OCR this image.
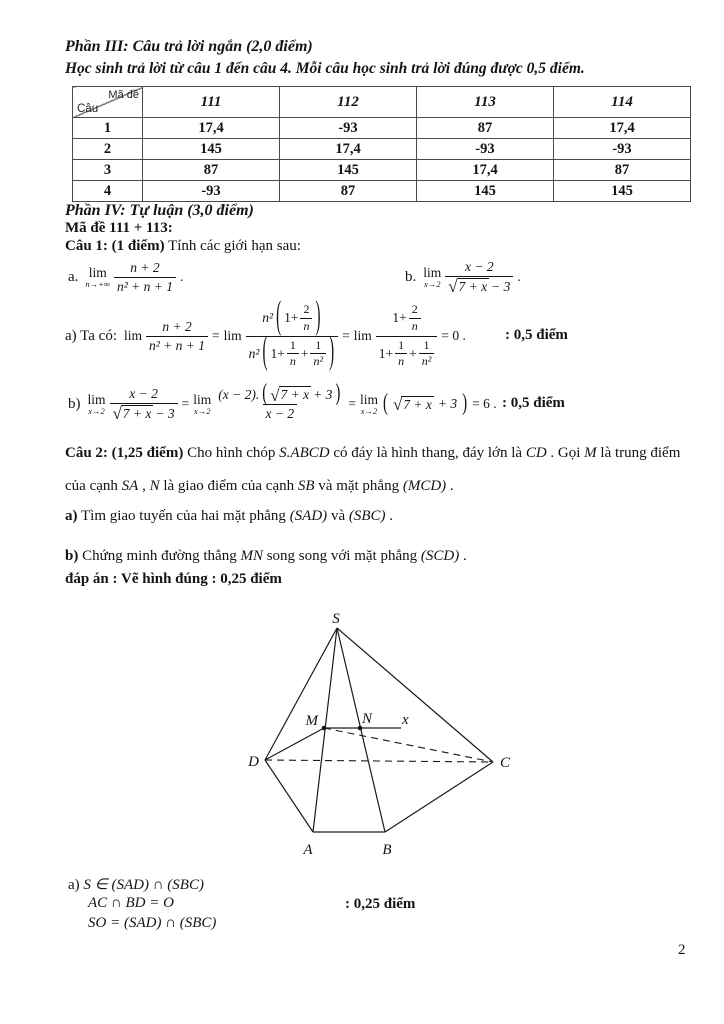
Phần III: Câu trả lời ngắn (2,0 điểm)
Học sinh trả lời từ câu 1 đến câu 4. Mỗi câu học sinh trả lời đúng được 0,5 điểm.
Mã đề
Câu	111	112	113	114
1	17,4	-93	87	17,4
2	145	17,4	-93	-93
3	87	145	17,4	87
4	-93	87	145	145
Phần IV: Tự luận (3,0 điểm)
Mã đề 111 + 113:
Câu 1: (1 điểm) Tính các giới hạn sau:
a. lim
$n\to+\infty \frac{n + 2}{\text{n² + n + 1}}$ .	b. lim
$x\to 2 \frac{x - 2}{√ 7 + x - 3}$ .
a) Ta có: $\lim \frac{n + 2}{\text{n² + n + 1}} = \lim$
n² ( $1+ \frac{2}{n}$ )
n² ( $1+ \frac{1}{n} + \frac{1}{\text{n²}}$ ) = lim
$1+ \frac{2}{n}$
$1+ \frac{1}{n} + \frac{1}{\text{n²}}$
= 0 .	: 0,5 điểm
b) lim
$x\to 2 \frac{x - 2}{√ 7 + x - 3} = \lim$
x→2
(x − 2). ( √ 7 + x + 3 )
x − 2
= lim
x→2 ( √ 7 + x + 3 ) = 6 . : 0,5 điểm
Câu 2: (1,25 điểm) Cho hình chóp S.ABCD có đáy là hình thang, đáy lớn là CD . Gọi M là trung điểm
của cạnh SA , N là giao điểm của cạnh SB và mặt phẳng (MCD) .
a) Tìm giao tuyến của hai mặt phẳng (SAD) và (SBC) .
b) Chứng minh đường thẳng MN song song với mặt phẳng (SCD) .
đáp án : Vẽ hình đúng : 0,25 điểm
S
M	N x
D	C
A	B
a) S ∈ (SAD) ∩ (SBC)
AC ∩ BD = O
SO = (SAD) ∩ (SBC)
: 0,25 điểm
2
